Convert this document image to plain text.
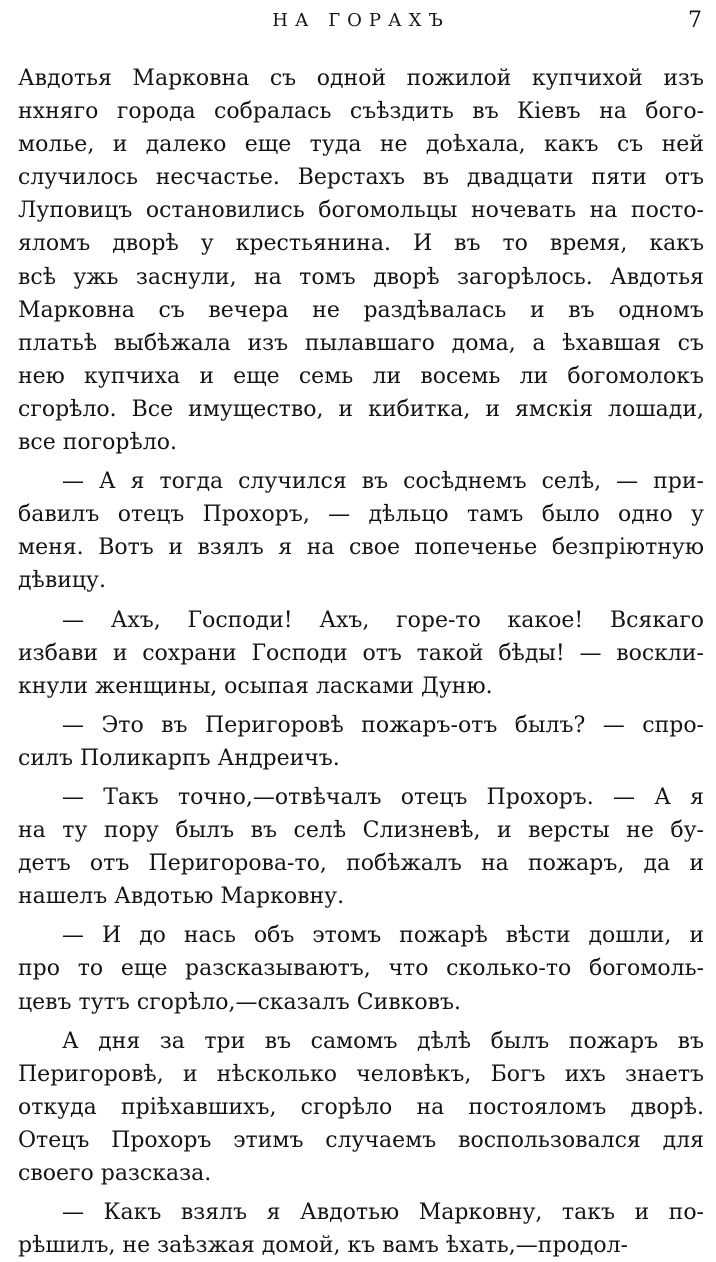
НА ГОРАХЪ	7

Авдотья Марковна съ одной пожилой купчихой изъ
нхняго города собралась съѣздить въ Кіевъ на бого-
молье, и далеко еще туда не доѣхала, какъ съ ней
случилось несчастье. Верстахъ въ двадцати пяти отъ
Луповицъ остановились богомольцы ночевать на посто-
яломъ дворѣ у крестьянина. И въ то время, какъ
всѣ ужь заснули, на томъ дворѣ загорѣлось. Авдотья
Марковна съ вечера не раздѣвалась и въ одномъ
платьѣ выбѣжала изъ пылавшаго дома, а ѣхавшая съ
нею купчиха и еще семь ли восемь ли богомолокъ
сгорѣло. Все имущество, и кибитка, и ямскія лошади,
все погорѣло.

— А я тогда случился въ сосѣднемъ селѣ, — при-
бавилъ отецъ Прохоръ, — дѣльцо тамъ было одно у
меня. Вотъ и взялъ я на свое попеченье безпріютную
дѣвицу.

— Ахъ, Господи! Ахъ, горе-то какое! Всякаго
избави и сохрани Господи отъ такой бѣды! — воскли-
кнули женщины, осыпая ласками Дуню.

— Это въ Перигоровѣ пожаръ-отъ былъ? — спро-
силъ Поликарпъ Андреичъ.

— Такъ точно,—отвѣчалъ отецъ Прохоръ. — А я
на ту пору былъ въ селѣ Слизневѣ, и версты не бу-
детъ отъ Перигорова-то, побѣжалъ на пожаръ, да и
нашелъ Авдотью Марковну.

— И до нась объ этомъ пожарѣ вѣсти дошли, и
про то еще разсказываютъ, что сколько-то богомоль-
цевъ тутъ сгорѣло,—сказалъ Сивковъ.

А дня за три въ самомъ дѣлѣ былъ пожаръ въ
Перигоровѣ, и нѣсколько человѣкъ, Богъ ихъ знаетъ
откуда пріѣхавшихъ, сгорѣло на постояломъ дворѣ.
Отецъ Прохоръ этимъ случаемъ воспользовался для
своего разсказа.

— Какъ взялъ я Авдотью Марковну, такъ и по-
рѣшилъ, не заѣзжая домой, къ вамъ ѣхать,—продол-
